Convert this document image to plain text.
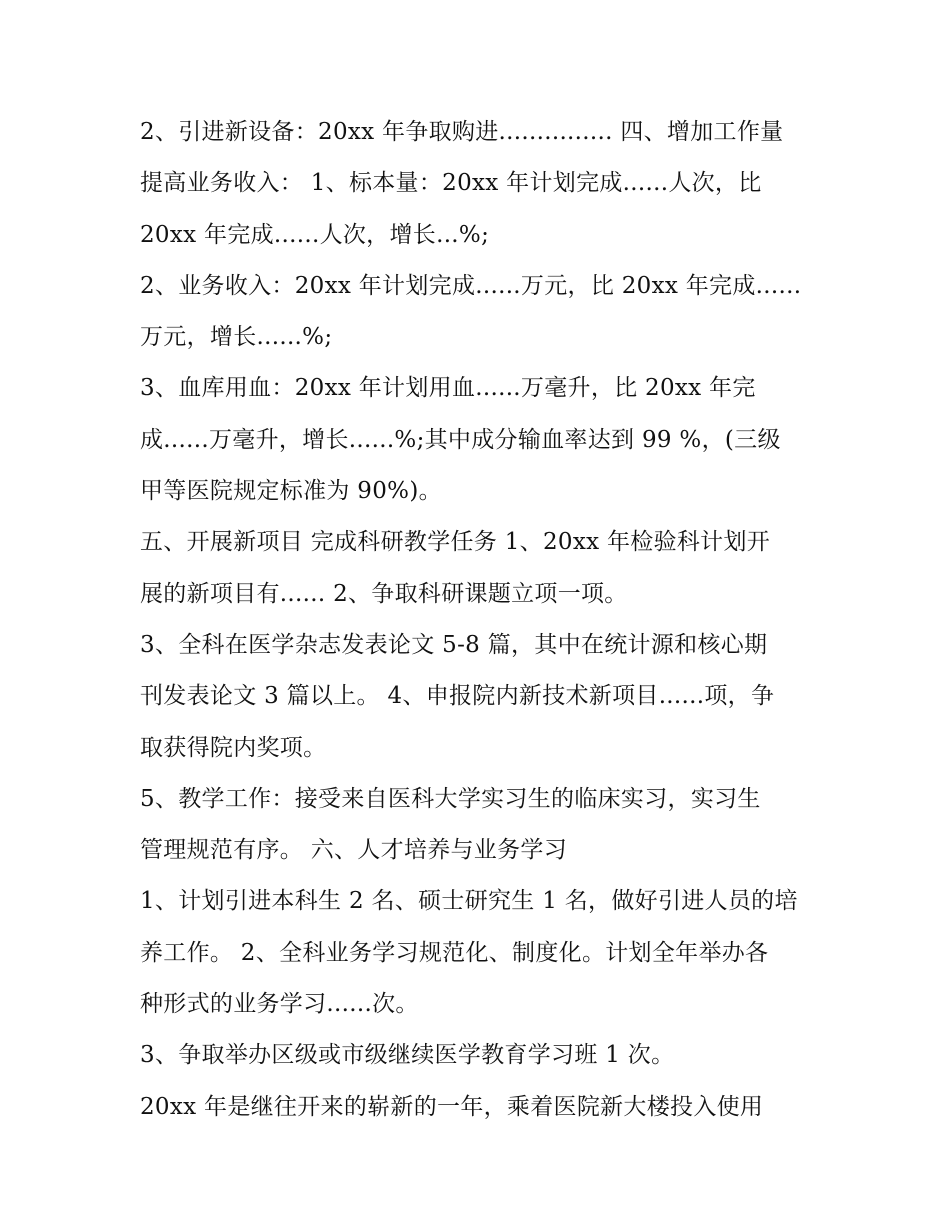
2、引进新设备：20xx 年争取购进............... 四、增加工作量
提高业务收入： 1、标本量：20xx 年计划完成......人次，比
20xx 年完成......人次，增长...%;
2、业务收入：20xx 年计划完成......万元，比 20xx 年完成......
万元，增长......%;
3、血库用血：20xx 年计划用血......万毫升，比 20xx 年完
成......万毫升，增长......%;其中成分输血率达到 99 %，(三级
甲等医院规定标准为 90%)。
五、开展新项目 完成科研教学任务 1、20xx 年检验科计划开
展的新项目有...... 2、争取科研课题立项一项。
3、全科在医学杂志发表论文 5-8 篇，其中在统计源和核心期
刊发表论文 3 篇以上。 4、申报院内新技术新项目......项，争
取获得院内奖项。
5、教学工作：接受来自医科大学实习生的临床实习，实习生
管理规范有序。 六、人才培养与业务学习
1、计划引进本科生 2 名、硕士研究生 1 名，做好引进人员的培
养工作。 2、全科业务学习规范化、制度化。计划全年举办各
种形式的业务学习......次。
3、争取举办区级或市级继续医学教育学习班 1 次。
20xx 年是继往开来的崭新的一年，乘着医院新大楼投入使用
